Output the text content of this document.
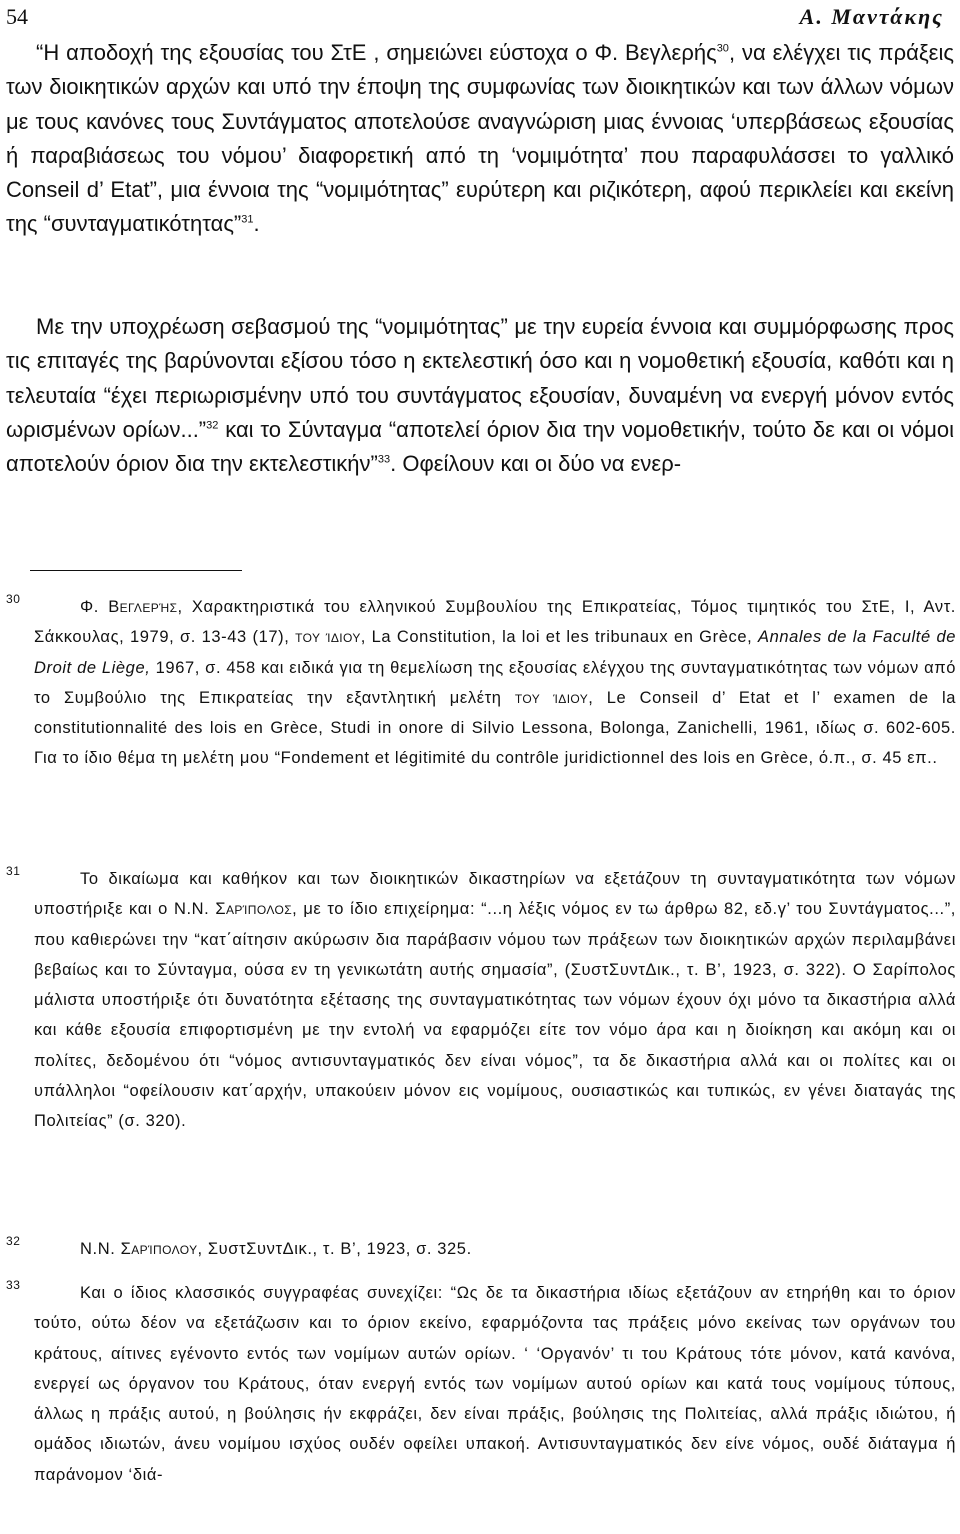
54	Α. Μαντάκης

“Η αποδοχή της εξουσίας του ΣτΕ , σημειώνει εύστοχα ο Φ. Βεγλερής$^{30}$, να ελέγχει τις πράξεις των διοικητικών αρχών και υπό την έποψη της συμφωνίας των διοικητικών και των άλλων νόμων με τους κανόνες τους Συντάγματος αποτελούσε αναγνώριση μιας έννοιας ‘υπερβάσεως εξουσίας ή παραβιάσεως του νόμου’ διαφορετική από τη ‘νομιμότητα’ που παραφυλάσσει το γαλλικό Conseil d’ Etat”, μια έννοια της “νομιμότητας” ευρύτερη και ριζικότερη, αφού περικλείει και εκείνη της “συνταγματικότητας”$^{31}$.

Με την υποχρέωση σεβασμού της “νομιμότητας” με την ευρεία έννοια και συμμόρφωσης προς τις επιταγές της βαρύνονται εξίσου τόσο η εκτελεστική όσο και η νομοθετική εξουσία, καθότι και η τελευταία “έχει περιωρισμένην υπό του συντάγματος εξουσίαν, δυναμένη να ενεργή μόνον εντός ωρισμένων ορίων...”$^{32}$ και το Σύνταγμα “αποτελεί όριον δια την νομοθετικήν, τούτο δε και οι νόμοι αποτελούν όριον δια την εκτελεστικήν”$^{33}$. Οφείλουν και οι δύο να ενερ-

30	Φ. Βεγλερής, Χαρακτηριστικά του ελληνικού Συμβουλίου της Επικρατείας, Τόμος τιμητικός του ΣτΕ, Ι, Αντ. Σάκκουλας, 1979, σ. 13-43 (17), του ίδιου, La Constitution, la loi et les tribunaux en Grèce, Annales de la Faculté de Droit de Liège, 1967, σ. 458 και ειδικά για τη θεμελίωση της εξουσίας ελέγχου της συνταγματικότητας των νόμων από το Συμβούλιο της Επικρατείας την εξαντλητική μελέτη του ίδιου, Le Conseil d’ Etat et l’ examen de la constitutionnalité des lois en Grèce, Studi in onore di Silvio Lessona, Bolonga, Zanichelli, 1961, ιδίως σ. 602-605. Για το ίδιο θέμα τη μελέτη μου “Fondement et légitimité du contrôle juridictionnel des lois en Grèce, ό.π., σ. 45 επ..

31	Το δικαίωμα και καθήκον και των διοικητικών δικαστηρίων να εξετάζουν τη συνταγματικότητα των νόμων υποστήριξε και ο Ν.Ν. Σαρίπολος, με το ίδιο επιχείρημα: “...η λέξις νόμος εν τω άρθρω 82, εδ.γ’ του Συντάγματος...”, που καθιερώνει την “κατ΄αίτησιν ακύρωσιν δια παράβασιν νόμου των πράξεων των διοικητικών αρχών περιλαμβάνει βεβαίως και το Σύνταγμα, ούσα εν τη γενικωτάτη αυτής σημασία”, (ΣυστΣυντΔικ., τ. Β’, 1923, σ. 322). Ο Σαρίπολος μάλιστα υποστήριξε ότι δυνατότητα εξέτασης της συνταγματικότητας των νόμων έχουν όχι μόνο τα δικαστήρια αλλά και κάθε εξουσία επιφορτισμένη με την εντολή να εφαρμόζει είτε τον νόμο άρα και η διοίκηση και ακόμη και οι πολίτες, δεδομένου ότι “νόμος αντισυνταγματικός δεν είναι νόμος”, τα δε δικαστήρια αλλά και οι πολίτες και οι υπάλληλοι “οφείλουσιν κατ΄αρχήν, υπακούειν μόνον εις νομίμους, ουσιαστικώς και τυπικώς, εν γένει διαταγάς της Πολιτείας” (σ. 320).

32	Ν.Ν. Σαρίπολου, ΣυστΣυντΔικ., τ. Β’, 1923, σ. 325.

33	Και ο ίδιος κλασσικός συγγραφέας συνεχίζει: “Ως δε τα δικαστήρια ιδίως εξετάζουν αν ετηρήθη και το όριον τούτο, ούτω δέον να εξετάζωσιν και το όριον εκείνο, εφαρμόζοντα τας πράξεις μόνο εκείνας των οργάνων του κράτους, αίτινες εγένοντο εντός των νομίμων αυτών ορίων. ‘ ‘Οργανόν’ τι του Κράτους τότε μόνον, κατά κανόνα, ενεργεί ως όργανον του Κράτους, όταν ενεργή εντός των νομίμων αυτού ορίων και κατά τους νομίμους τύπους, άλλως η πράξις αυτού, η βούλησις ήν εκφράζει, δεν είναι πράξις, βούλησις της Πολιτείας, αλλά πράξις ιδιώτου, ή ομάδος ιδιωτών, άνευ νομίμου ισχύος ουδέν οφείλει υπακοή. Αντισυνταγματικός δεν είνε νόμος, ουδέ διάταγμα ή παράνομον ‘διά-
